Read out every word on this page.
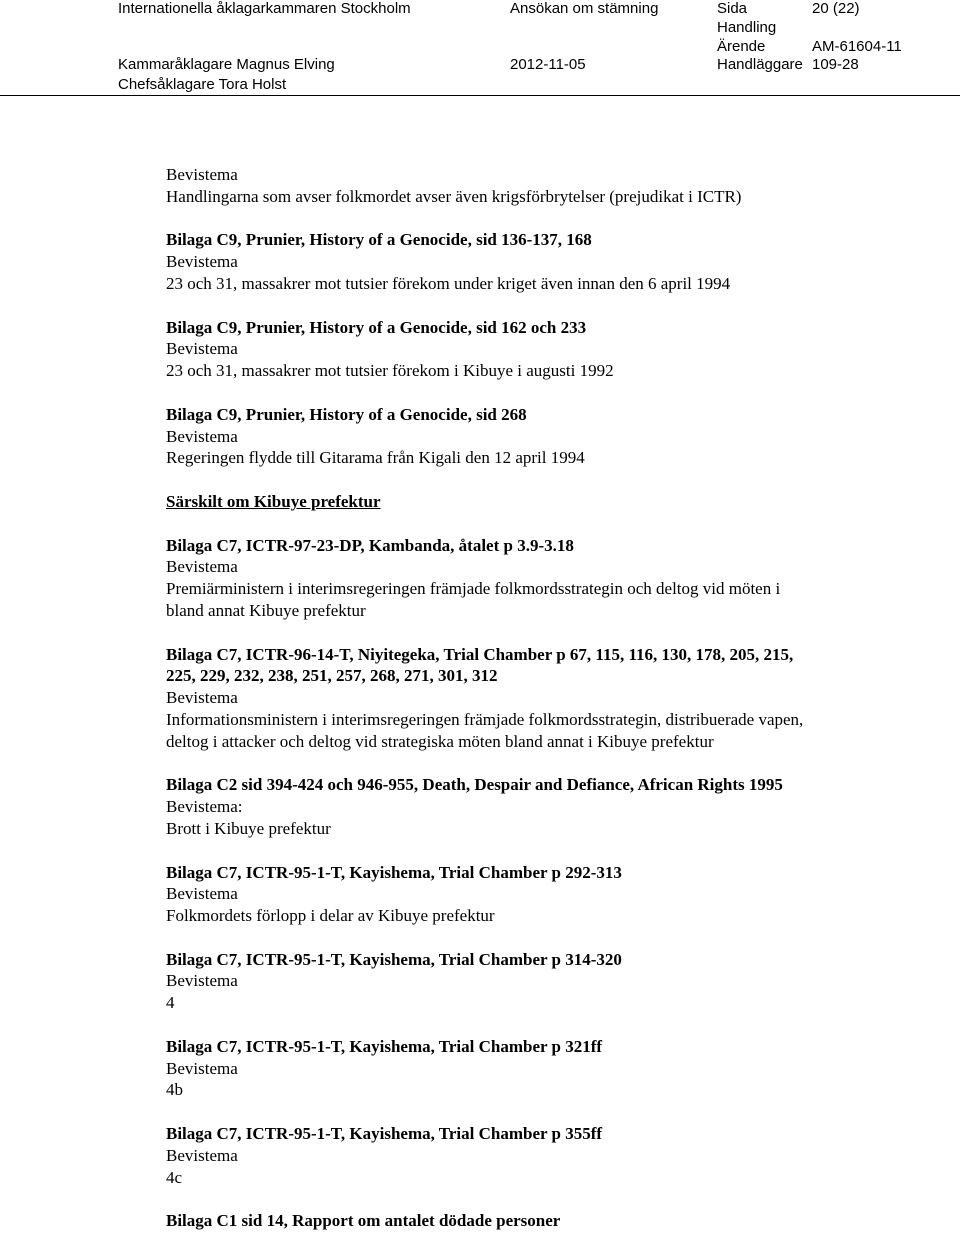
Internationella åklagarkammaren Stockholm	Ansökan om stämning	Sida	20 (22)
Handling
Ärende	AM-61604-11
Kammaråklagare Magnus Elving	2012-11-05	Handläggare 109-28
Chefsåklagare Tora Holst

Bevistema

Handlingarna som avser folkmordet avser även krigsförbrytelser (prejudikat i ICTR)

Bilaga C9, Prunier, History of a Genocide, sid 136-137, 168

Bevistema

23 och 31, massakrer mot tutsier förekom under kriget även innan den 6 april 1994

Bilaga C9, Prunier, History of a Genocide, sid 162 och 233

Bevistema

23 och 31, massakrer mot tutsier förekom i Kibuye i augusti 1992

Bilaga C9, Prunier, History of a Genocide, sid 268

Bevistema

Regeringen flydde till Gitarama från Kigali den 12 april 1994

Särskilt om Kibuye prefektur

Bilaga C7, ICTR-97-23-DP, Kambanda, åtalet p 3.9-3.18

Bevistema

Premiärministern i interimsregeringen främjade folkmordsstrategin och deltog vid möten i

bland annat Kibuye prefektur

Bilaga C7, ICTR-96-14-T, Niyitegeka, Trial Chamber p 67, 115, 116, 130, 178, 205, 215,

225, 229, 232, 238, 251, 257, 268, 271, 301, 312

Bevistema

Informationsministern i interimsregeringen främjade folkmordsstrategin, distribuerade vapen,

deltog i attacker och deltog vid strategiska möten bland annat i Kibuye prefektur

Bilaga C2 sid 394-424 och 946-955, Death, Despair and Defiance, African Rights 1995

Bevistema:

Brott i Kibuye prefektur

Bilaga C7, ICTR-95-1-T, Kayishema, Trial Chamber p 292-313

Bevistema

Folkmordets förlopp i delar av Kibuye prefektur

Bilaga C7, ICTR-95-1-T, Kayishema, Trial Chamber p 314-320

Bevistema

4

Bilaga C7, ICTR-95-1-T, Kayishema, Trial Chamber p 321ff

Bevistema

4b

Bilaga C7, ICTR-95-1-T, Kayishema, Trial Chamber p 355ff

Bevistema

4c

Bilaga C1 sid 14, Rapport om antalet dödade personer
